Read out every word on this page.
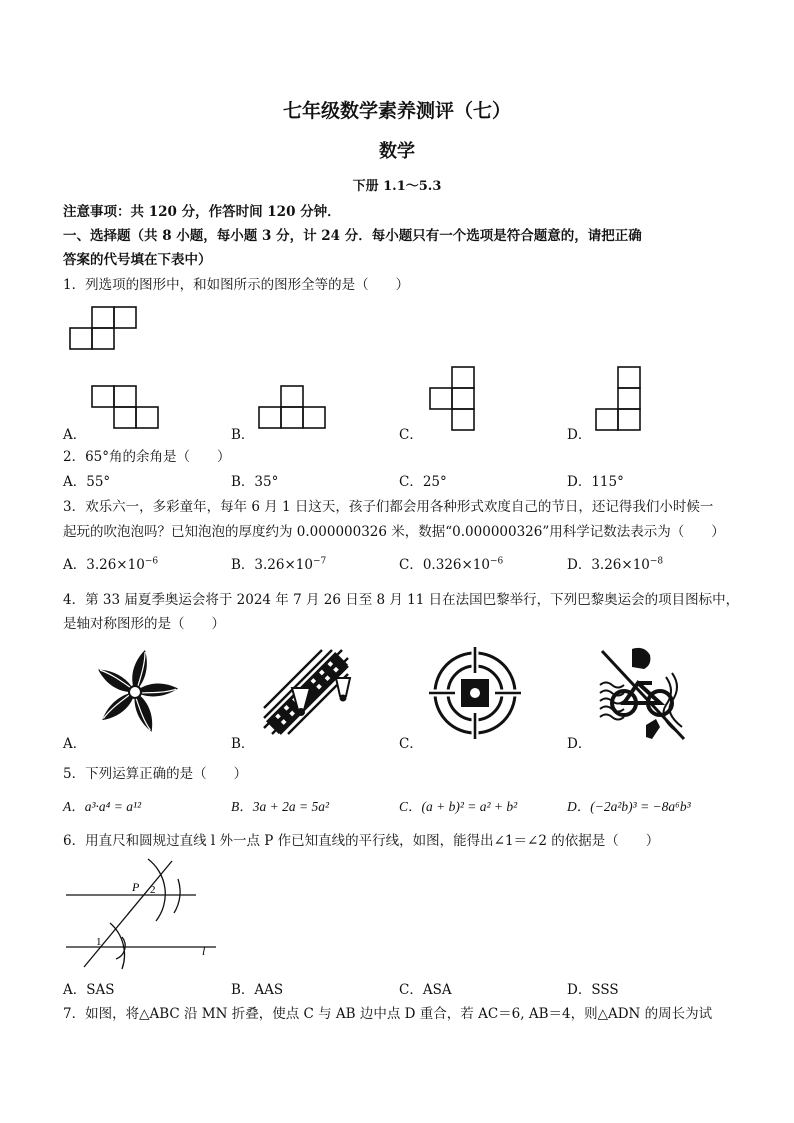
七年级数学素养测评（七）
数学
下册 1.1～5.3
注意事项：共 120 分，作答时间 120 分钟．
一、选择题（共 8 小题，每小题 3 分，计 24 分．每小题只有一个选项是符合题意的，请把正确
答案的代号填在下表中）
1．列选项的图形中，和如图所示的图形全等的是（　　）
A．	B．	C．	D．
2．65°角的余角是（　　）
A．55°	B．35°	C．25°	D．115°
3．欢乐六一，多彩童年，每年 6 月 1 日这天，孩子们都会用各种形式欢度自己的节日，还记得我们小时候一
起玩的吹泡泡吗？已知泡泡的厚度约为 0.000000326 米，数据“0.000000326”用科学记数法表示为（　　）
A．$3.26\times 10^{-6}$	B．$3.26\times 10^{-7}$	C．$0.326\times 10^{-6}$	D．$3.26\times 10^{-8}$
4．第 33 届夏季奥运会将于 2024 年 7 月 26 日至 8 月 11 日在法国巴黎举行，下列巴黎奥运会的项目图标中，
是轴对称图形的是（　　）
A．	B．	C．	D．
5．下列运算正确的是（　　）
A．a³·a⁴ = a¹²	B．3a + 2a = 5a²	C．(a + b)² = a² + b²	D．(−2a²b)³ = −8a⁶b³
6．用直尺和圆规过直线 l 外一点 P 作已知直线的平行线，如图，能得出∠1＝∠2 的依据是（　　）
P 2
1
l
A．SAS	B．AAS	C．ASA	D．SSS
7．如图，将△ABC 沿 MN 折叠，使点 C 与 AB 边中点 D 重合，若 AC＝6, AB＝4，则△ADN 的周长为试
